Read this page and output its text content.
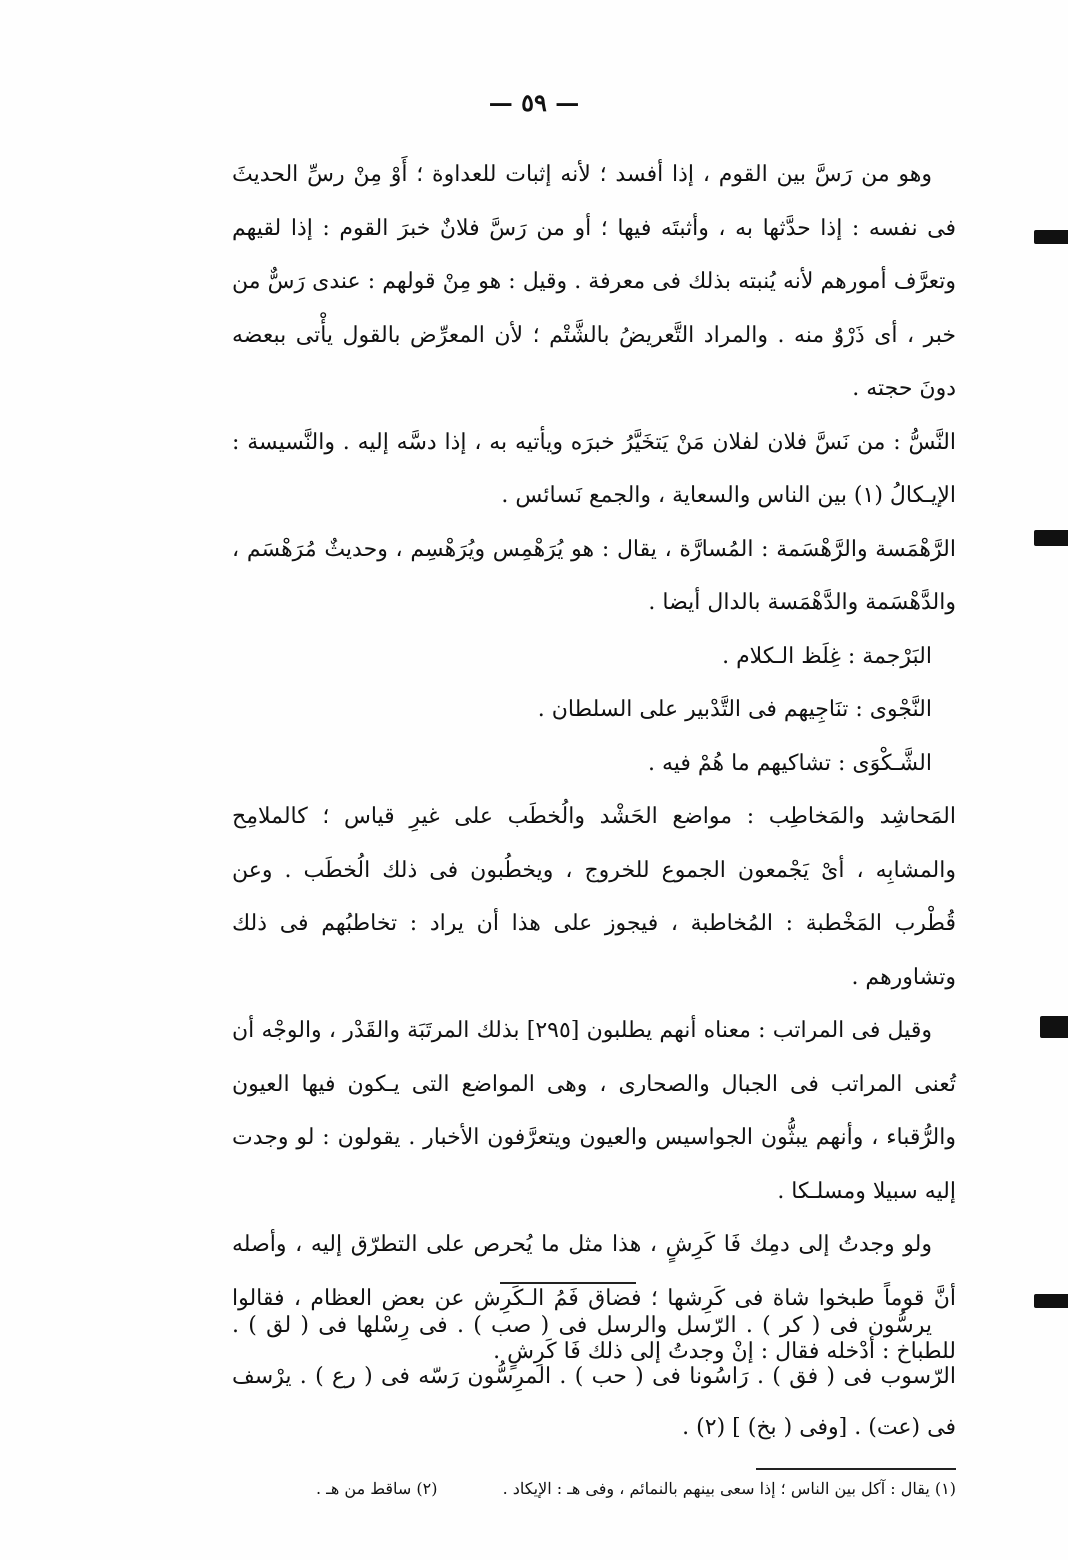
— ٥٩ —

وهو من رَسَّ بين القوم ، إذا أفسد ؛ لأنه إثبات للعداوة ؛ أَوْ مِنْ رسِّ الحديثَ فى نفسه : إذا حدَّثها به ، وأثبتَه فيها ؛ أو من رَسَّ فلانٌ خبرَ القوم : إذا لقيهم وتعرَّف أمورهم لأنه يُنبته بذلك فى معرفة . وقيل : هو مِنْ قولهم : عندى رَسٌّ من خبر ، أى ذَرْوٌ منه . والمراد التَّعريضُ بالشَّتْم ؛ لأن المعرِّض بالقول يأْتى ببعضه دونَ حجته .

النَّسُّ : من نَسَّ فلان لفلان مَنْ يَتخَيَّرُ خبرَه ويأتيه به ، إذا دسَّه إليه . والنَّسيسة : الإيـكالُ (١) بين الناس والسعاية ، والجمع نَسائس .

الرَّهْمَسة والرَّهْسَمة : المُسارَّة ، يقال : هو يُرَهْمِس ويُرَهْسِم ، وحديثٌ مُرَهْسَم ، والدَّهْسَمة والدَّهْمَسة بالدال أيضا .

البَرْجمة : غِلَظ الـكلام .

النَّجْوى : تنَاجِيهم فى التَّدْبير على السلطان .

الشَّـكْوَى : تشاكيهم ما هُمْ فيه .

المَحاشِد والمَخاطِب : مواضع الحَشْد والُخطَب على غيرِ قياس ؛ كالملامِح والمشابِه ، أىْ يَجْمعون الجموع للخروج ، ويخطُبون فى ذلك الُخطَب . وعن قُطْرب المَخْطبة : المُخاطبة ، فيجوز على هذا أن يراد : تخاطبُهم فى ذلك وتشاورهم .

وقيل فى المراتب : معناه أنهم يطلبون [٢٩٥] بذلك المرتَبَة والقَدْر ، والوجْه أن تُعنى المراتب فى الجبال والصحارى ، وهى المواضع التى يـكون فيها العيون والرُّقباء ، وأنهم يبثُّون الجواسيس والعيون ويتعرَّفون الأخبار . يقولون : لو وجدت إليه سبيلا ومسلـكا .

ولو وجدتُ إلى دمِك فَا كَرِشٍ ، هذا مثل ما يُحرص على التطرّق إليه ، وأصله أنَّ قوماً طبخوا شاة فى كَرِشها ؛ فضاق فَمُ الـكَرِش عن بعض العظام ، فقالوا للطباخ : أدْخله فقال : إنْ وجدتُ إلى ذلك فَا كَرِشٍ .

يرسُّون فى ( كر ) . الرّسل والرسل فى ( صب ) . فى رِسْلها فى ( لق ) . الرّسوب فى ( فق ) . رَاسُونا فى ( حب ) . المرِسُّون رَسّه فى ( رع ) . يرْسف فى (عت) . [وفى ( بخ) ] (٢) .

(١) يقال : آكل بين الناس ؛ إذا سعى بينهم بالنمائم ، وفى هـ : الإيكاد . (٢) ساقط من هـ .
